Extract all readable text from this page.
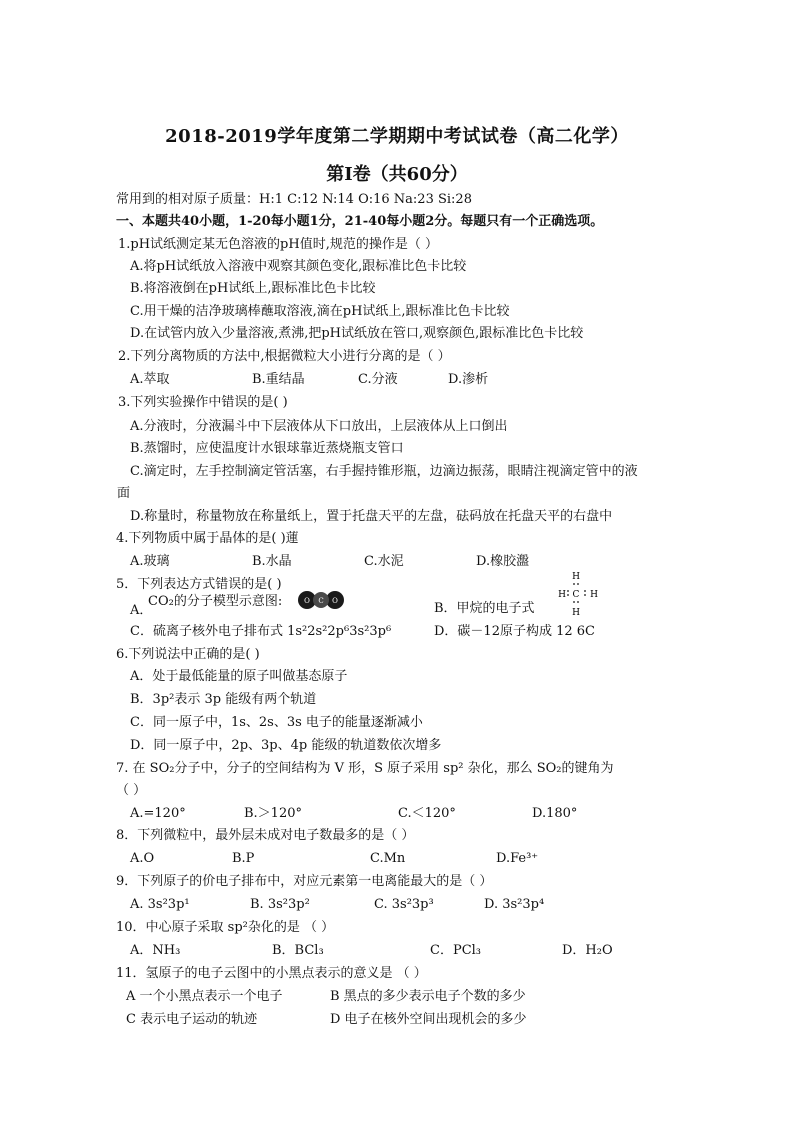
2018-2019学年度第二学期期中考试试卷（高二化学）
第Ⅰ卷（共60分）
常用到的相对原子质量：H:1 C:12 N:14 O:16 Na:23 Si:28
一、本题共40小题，1-20每小题1分，21-40每小题2分。每题只有一个正确选项。
1.pH试纸测定某无色溶液的pH值时,规范的操作是（ ）
A.将pH试纸放入溶液中观察其颜色变化,跟标准比色卡比较
B.将溶液倒在pH试纸上,跟标准比色卡比较
C.用干燥的洁净玻璃棒蘸取溶液,滴在pH试纸上,跟标准比色卡比较
D.在试管内放入少量溶液,煮沸,把pH试纸放在管口,观察颜色,跟标准比色卡比较
2.下列分离物质的方法中,根据微粒大小进行分离的是（ ）
A.萃取	B.重结晶	C.分液	D.渗析
3.下列实验操作中错误的是( )
A.分液时，分液漏斗中下层液体从下口放出，上层液体从上口倒出
B.蒸馏时，应使温度计水银球靠近蒸烧瓶支管口
C.滴定时，左手控制滴定管活塞，右手握持锥形瓶，边滴边振荡，眼睛注视滴定管中的液
面
D.称量时，称量物放在称量纸上，置于托盘天平的左盘，砝码放在托盘天平的右盘中
4.下列物质中属于晶体的是( )蓮
A.玻璃	B.水晶	C.水泥	D.橡胶瀊
5．下列表达方式错误的是( )
A．
CO₂的分子模型示意图:	O C O	B．甲烷的电子式
H
H C H
H
C．硫离子核外电子排布式 1s²2s²2p⁶3s²3p⁶	D．碳－12原子构成 12 6C
6.下列说法中正确的是( )
A．处于最低能量的原子叫做基态原子
B．3p²表示 3p 能级有两个轨道
C．同一原子中，1s、2s、3s 电子的能量逐渐减小
D．同一原子中，2p、3p、4p 能级的轨道数依次增多
7. 在 SO₂分子中，分子的空间结构为 V 形，S 原子采用 sp² 杂化，那么 SO₂的键角为
（ ）
A.=120°	B.＞120°	C.＜120°	D.180°
8．下列微粒中，最外层未成对电子数最多的是（ ）
A.O	B.P	C.Mn	D.Fe³⁺
9．下列原子的价电子排布中，对应元素第一电离能最大的是（ ）
A. 3s²3p¹	B. 3s²3p²	C. 3s²3p³	D. 3s²3p⁴
10．中心原子采取 sp²杂化的是 （ ）
A．NH₃	B．BCl₃	C．PCl₃	D．H₂O
11．氢原子的电子云图中的小黑点表示的意义是 （ ）
A 一个小黑点表示一个电子	B 黑点的多少表示电子个数的多少
C 表示电子运动的轨迹	D 电子在核外空间出现机会的多少
